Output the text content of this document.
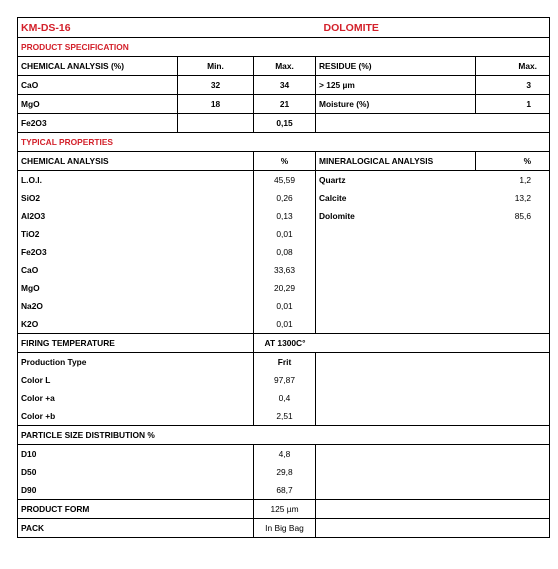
KM-DS-16		DOLOMITE		
PRODUCT SPECIFICATION				
CHEMICAL ANALYSIS (%)	Min.	Max.	RESIDUE (%)	Max.
CaO	32	34	> 125 µm	3
MgO	18	21	Moisture (%)	1
Fe2O3		0,15		
TYPICAL PROPERTIES				
CHEMICAL ANALYSIS		%	MINERALOGICAL ANALYSIS	%
L.O.I.		45,59	Quartz	1,2
SiO2		0,26	Calcite	13,2
Al2O3		0,13	Dolomite	85,6
TiO2		0,01		
Fe2O3		0,08		
CaO		33,63		
MgO		20,29		
Na2O		0,01		
K2O		0,01		
FIRING TEMPERATURE		AT 1300C°		
Production Type		Frit		
Color L		97,87		
Color +a		0,4		
Color +b		2,51		
PARTICLE SIZE DISTRIBUTION %				
D10		4,8		
D50		29,8		
D90		68,7		
PRODUCT FORM		125 µm		
PACK		In Big Bag		
